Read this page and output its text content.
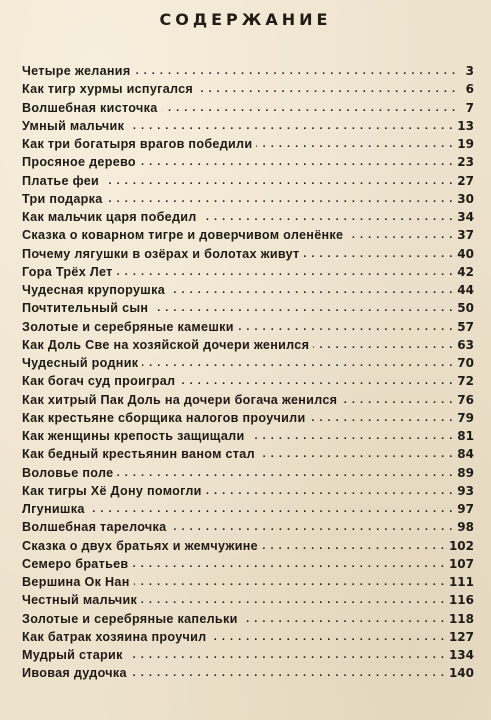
СОДЕРЖАНИЕ
Четыре желания . . .	3
Как тигр хурмы испугался . . .	6
Волшебная кисточка . . .	7
Умный мальчик . . .	13
Как три богатыря врагов победили . . .	19
Просяное дерево . . .	23
Платье феи . . .	27
Три подарка . . .	30
Как мальчик царя победил . . .	34
Сказка о коварном тигре и доверчивом оленёнке . . .	37
Почему лягушки в озёрах и болотах живут . . .	40
Гора Трёх Лет . . .	42
Чудесная крупорушка . . .	44
Почтительный сын . . .	50
Золотые и серебряные камешки . . .	57
Как Доль Све на хозяйской дочери женился . . .	63
Чудесный родник . . .	70
Как богач суд проиграл . . .	72
Как хитрый Пак Доль на дочери богача женился . . .	76
Как крестьяне сборщика налогов проучили . . .	79
Как женщины крепость защищали . . .	81
Как бедный крестьянин ваном стал . . .	84
Воловье поле . . .	89
Как тигры Хё Дону помогли . . .	93
Лгунишка . . .	97
Волшебная тарелочка . . .	98
Сказка о двух братьях и жемчужине . . .	102
Семеро братьев . . .	107
Вершина Ок Нан . . .	111
Честный мальчик . . .	116
Золотые и серебряные капельки . . .	118
Как батрак хозяина проучил . . .	127
Мудрый старик . . .	134
Ивовая дудочка . . .	140
